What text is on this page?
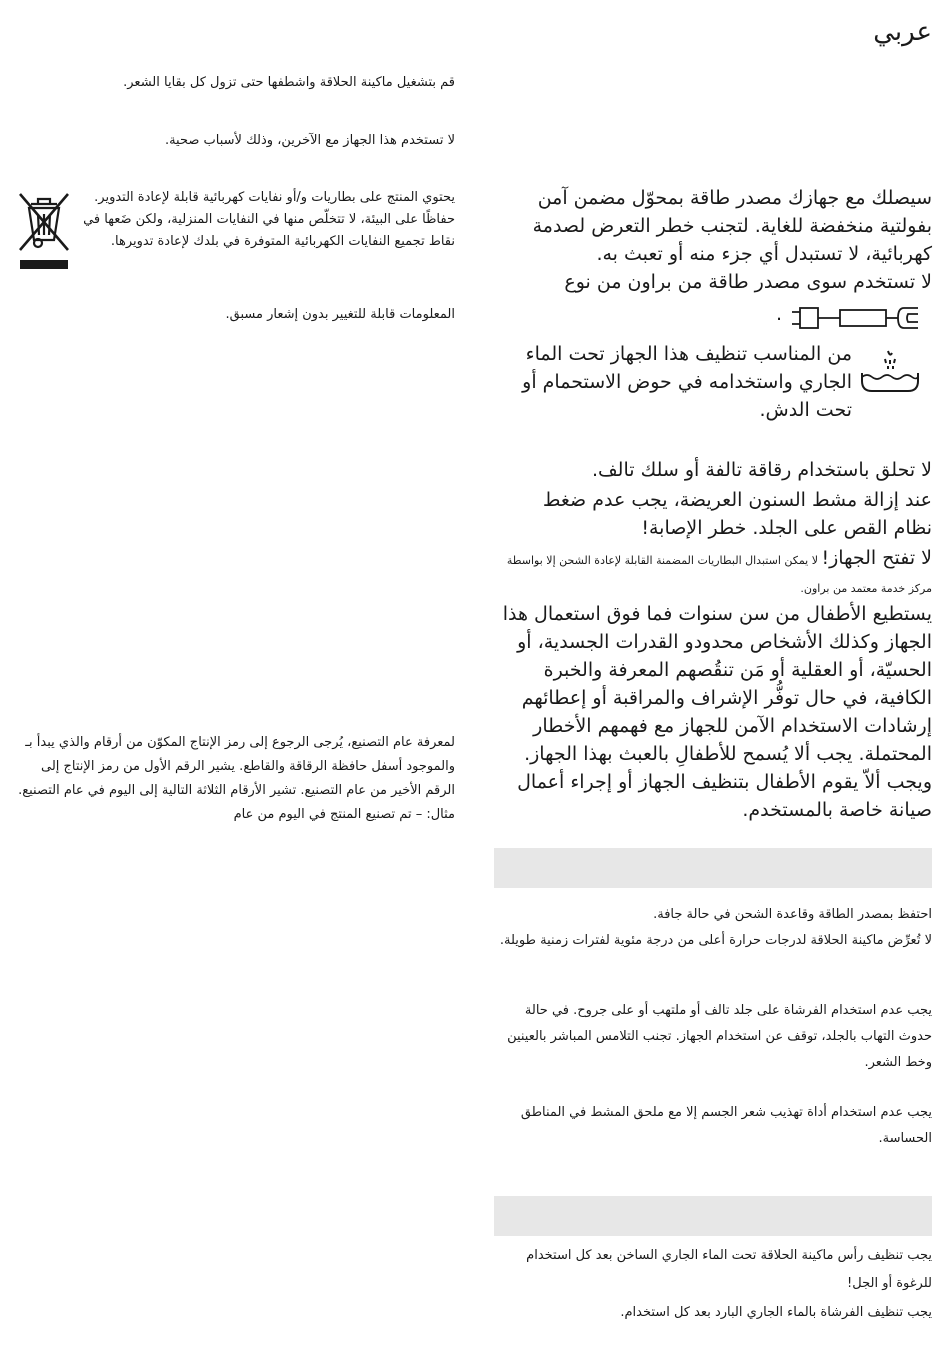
عربي

قم بتشغيل ماكينة الحلاقة واشطفها حتى تزول كل بقايا الشعر.

لا تستخدم هذا الجهاز مع الآخرين، وذلك لأسباب صحية.

يحتوي المنتج على بطاريات و/أو نفايات كهربائية قابلة لإعادة التدوير. حفاظًا على البيئة، لا تتخلّص منها في النفايات المنزلية، ولكن ضَعها في نقاط تجميع النفايات الكهربائية المتوفرة في بلدك لإعادة تدويرها.

المعلومات قابلة للتغيير بدون إشعار مسبق.

لمعرفة عام التصنيع، يُرجى الرجوع إلى رمز الإنتاج المكوّن من أرقام والذي يبدأ بـ والموجود أسفل حافظة الرقاقة والقاطع. يشير الرقم الأول من رمز الإنتاج إلى الرقم الأخير من عام التصنيع. تشير الأرقام الثلاثة التالية إلى اليوم في عام التصنيع. مثال: – تم تصنيع المنتج في اليوم من عام

سيصلك مع جهازك مصدر طاقة بمحوّل مضمن آمن بفولتية منخفضة للغاية. لتجنب خطر التعرض لصدمة كهربائية، لا تستبدل أي جزء منه أو تعبث به.

لا تستخدم سوى مصدر طاقة من براون من نوع

.

من المناسب تنظيف هذا الجهاز تحت الماء الجاري واستخدامه في حوض الاستحمام أو تحت الدش.

لا تحلق باستخدام رقاقة تالفة أو سلك تالف.

عند إزالة مشط السنون العريضة، يجب عدم ضغط نظام القص على الجلد. خطر الإصابة!

لا تفتح الجهاز! لا يمكن استبدال البطاريات المضمنة القابلة لإعادة الشحن إلا بواسطة مركز خدمة معتمد من براون.

يستطيع الأطفال من سن سنوات فما فوق استعمال هذا الجهاز وكذلك الأشخاص محدودو القدرات الجسدية، أو الحسيّة، أو العقلية أو مَن تنقُصهم المعرفة والخبرة الكافية، في حال توفُّر الإشراف والمراقبة أو إعطائهم إرشادات الاستخدام الآمن للجهاز مع فهمهم الأخطار المحتملة. يجب ألا يُسمح للأطفالِ بالعبث بهذا الجهاز. ويجب ألاّ يقوم الأطفال بتنظيف الجهاز أو إجراء أعمال صيانة خاصة بالمستخدم.

احتفظ بمصدر الطاقة وقاعدة الشحن في حالة جافة.

لا تُعرِّض ماكينة الحلاقة لدرجات حرارة أعلى من درجة مئوية لفترات زمنية طويلة.

يجب عدم استخدام الفرشاة على جلد تالف أو ملتهب أو على جروح. في حالة حدوث التهاب بالجلد، توقف عن استخدام الجهاز. تجنب التلامس المباشر بالعينين وخط الشعر.

يجب عدم استخدام أداة تهذيب شعر الجسم إلا مع ملحق المشط في المناطق الحساسة.

يجب تنظيف رأس ماكينة الحلاقة تحت الماء الجاري الساخن بعد كل استخدام للرغوة أو الجل!

يجب تنظيف الفرشاة بالماء الجاري البارد بعد كل استخدام.
